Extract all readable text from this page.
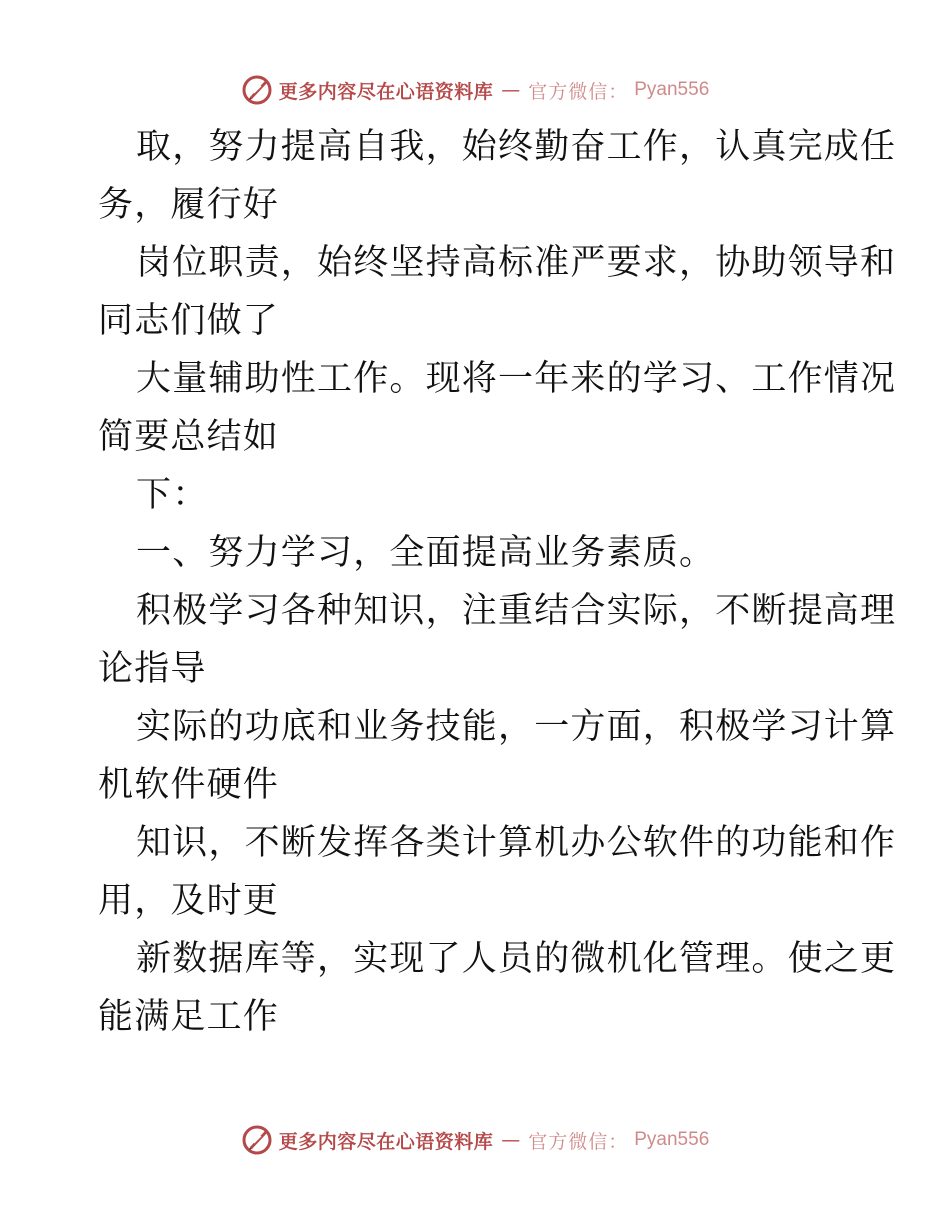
更多内容尽在心语资料库 — 官方微信： Pyan556
取，努力提高自我，始终勤奋工作，认真完成任
务，履行好
岗位职责，始终坚持高标准严要求，协助领导和
同志们做了
大量辅助性工作。现将一年来的学习、工作情况
简要总结如
下：
一、努力学习，全面提高业务素质。
积极学习各种知识，注重结合实际，不断提高理
论指导
实际的功底和业务技能，一方面，积极学习计算
机软件硬件
知识，不断发挥各类计算机办公软件的功能和作
用，及时更
新数据库等，实现了人员的微机化管理。使之更
能满足工作
更多内容尽在心语资料库 — 官方微信： Pyan556
